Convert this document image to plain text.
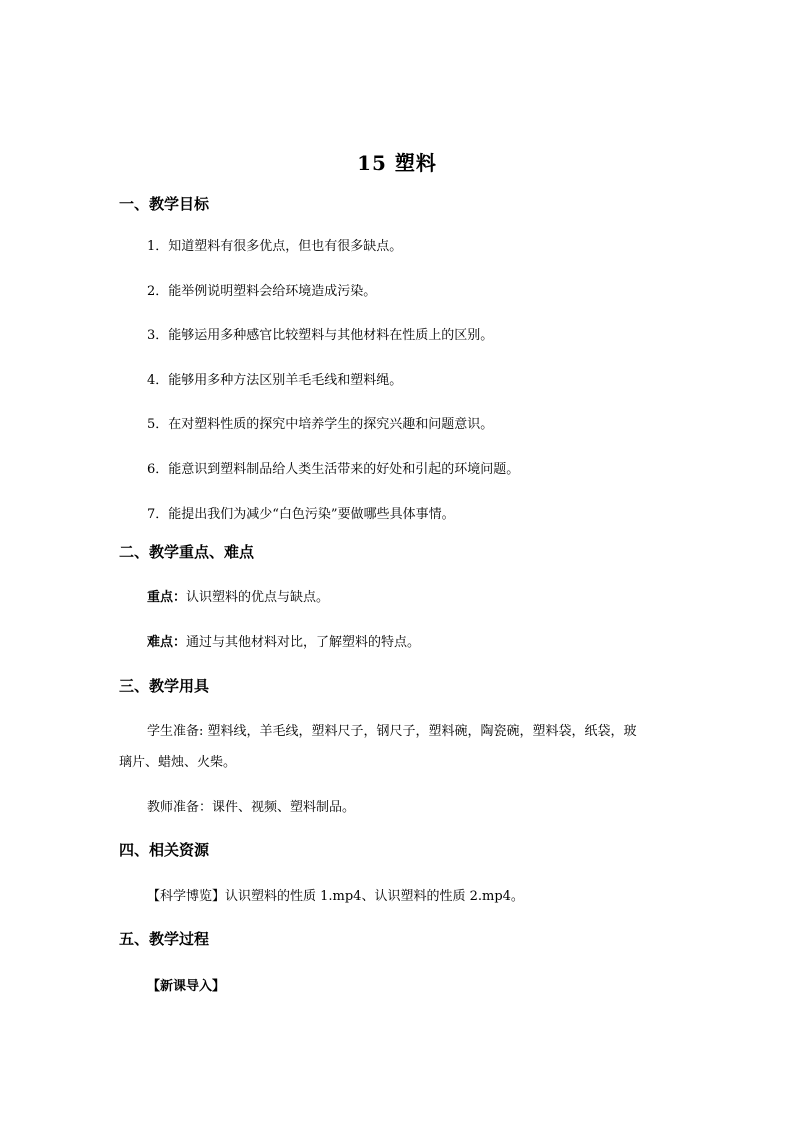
15 塑料
一、教学目标
1．知道塑料有很多优点，但也有很多缺点。
2．能举例说明塑料会给环境造成污染。
3．能够运用多种感官比较塑料与其他材料在性质上的区别。
4．能够用多种方法区别羊毛毛线和塑料绳。
5．在对塑料性质的探究中培养学生的探究兴趣和问题意识。
6．能意识到塑料制品给人类生活带来的好处和引起的环境问题。
7．能提出我们为减少“白色污染”要做哪些具体事情。
二、教学重点、难点
重点：认识塑料的优点与缺点。
难点：通过与其他材料对比，了解塑料的特点。
三、教学用具
学生准备: 塑料线，羊毛线，塑料尺子，钢尺子，塑料碗，陶瓷碗，塑料袋，纸袋，玻
璃片、蜡烛、火柴。
教师准备：课件、视频、塑料制品。
四、相关资源
【科学博览】认识塑料的性质 1.mp4、认识塑料的性质 2.mp4。
五、教学过程
【新课导入】
